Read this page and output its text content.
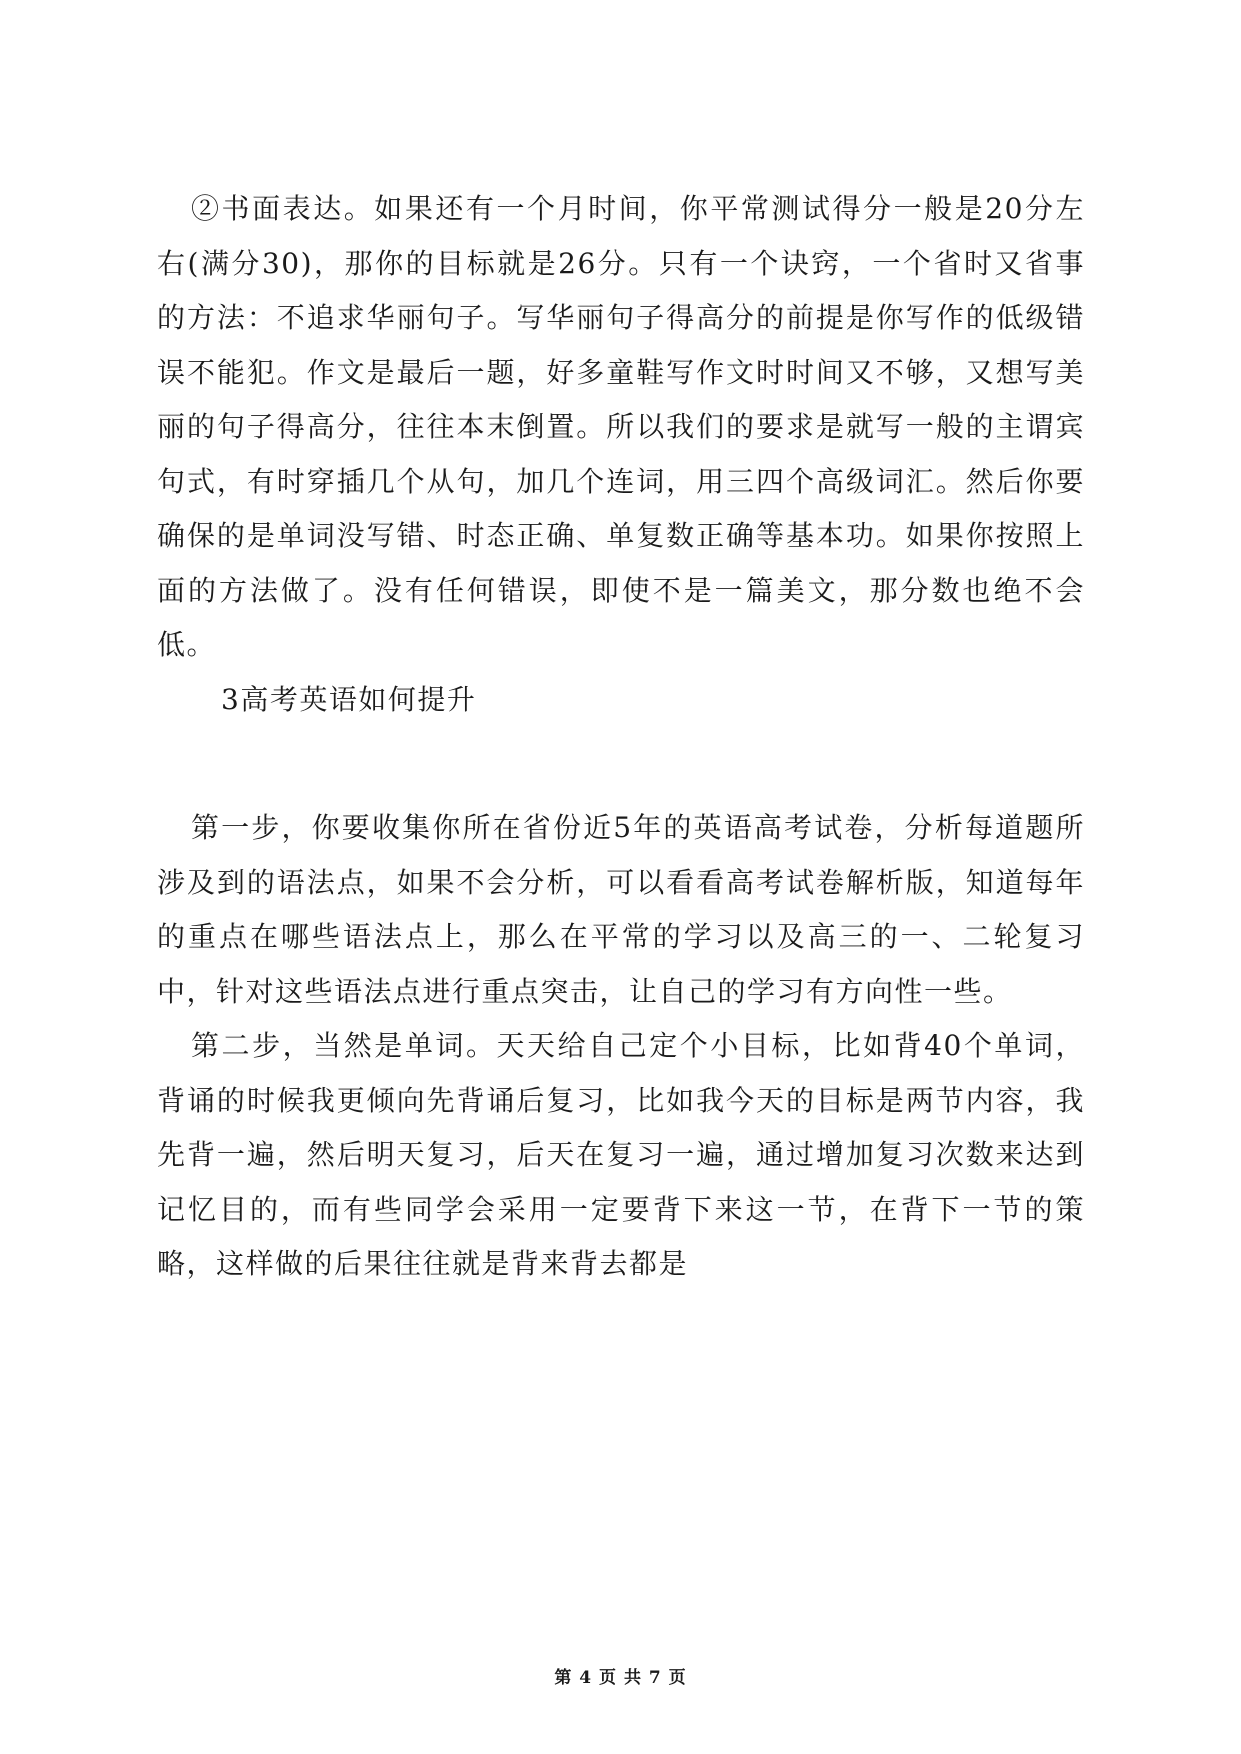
②书面表达。如果还有一个月时间，你平常测试得分一般是20分左右(满分30)，那你的目标就是26分。只有一个诀窍，一个省时又省事的方法：不追求华丽句子。写华丽句子得高分的前提是你写作的低级错误不能犯。作文是最后一题，好多童鞋写作文时时间又不够，又想写美丽的句子得高分，往往本末倒置。所以我们的要求是就写一般的主谓宾句式，有时穿插几个从句，加几个连词，用三四个高级词汇。然后你要确保的是单词没写错、时态正确、单复数正确等基本功。如果你按照上面的方法做了。没有任何错误，即使不是一篇美文，那分数也绝不会低。

3高考英语如何提升

第一步，你要收集你所在省份近5年的英语高考试卷，分析每道题所涉及到的语法点，如果不会分析，可以看看高考试卷解析版，知道每年的重点在哪些语法点上，那么在平常的学习以及高三的一、二轮复习中，针对这些语法点进行重点突击，让自己的学习有方向性一些。

第二步，当然是单词。天天给自己定个小目标，比如背40个单词，背诵的时候我更倾向先背诵后复习，比如我今天的目标是两节内容，我先背一遍，然后明天复习，后天在复习一遍，通过增加复习次数来达到记忆目的，而有些同学会采用一定要背下来这一节，在背下一节的策略，这样做的后果往往就是背来背去都是

第 4 页 共 7 页
